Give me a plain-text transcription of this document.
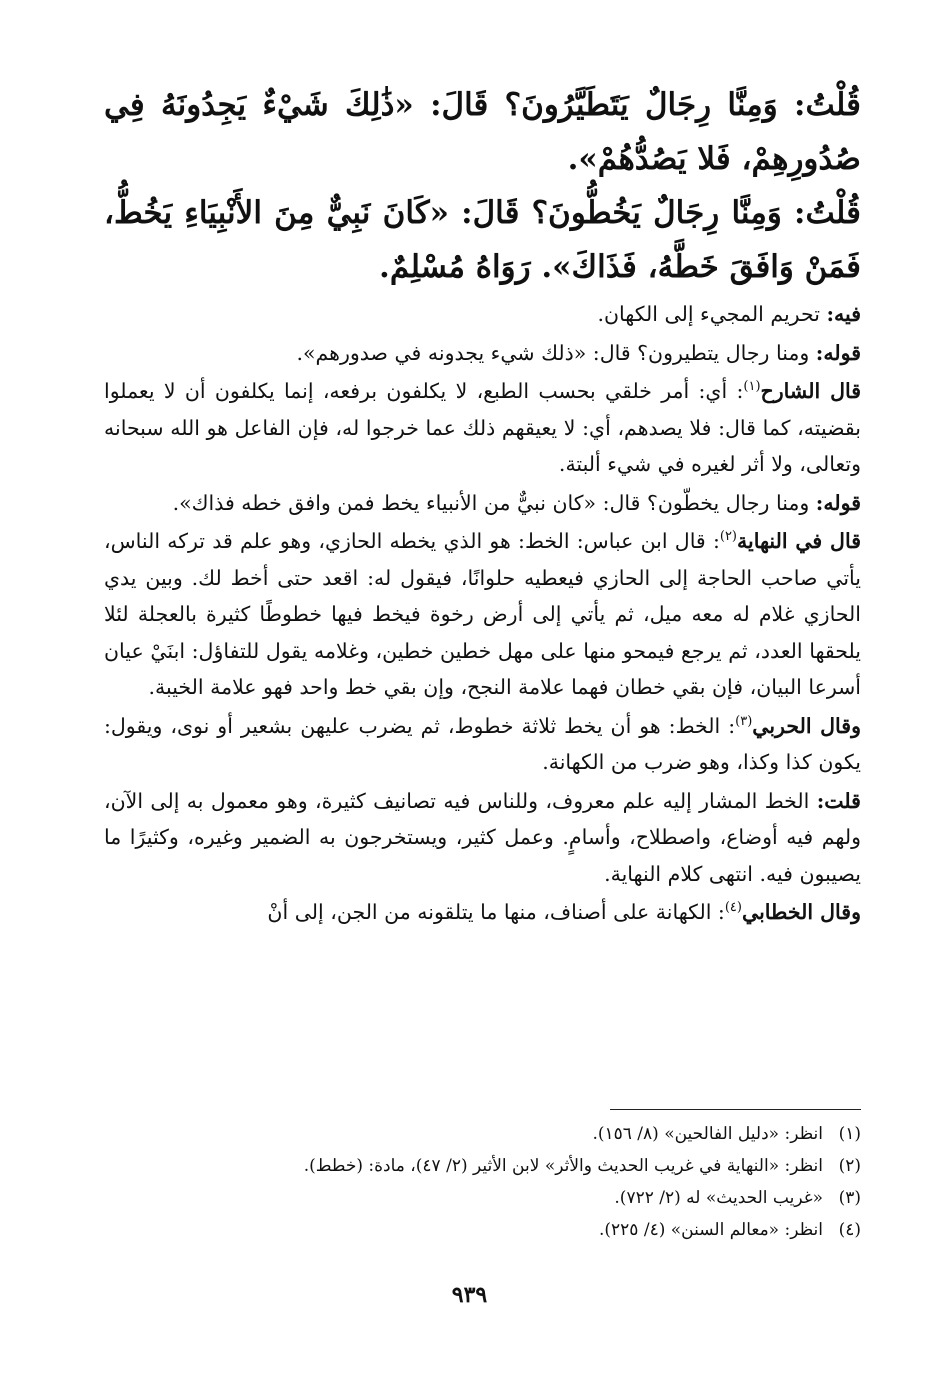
قُلْتُ: وَمِنَّا رِجَالٌ يَتَطَيَّرُونَ؟ قَالَ: «ذَٰلِكَ شَيْءٌ يَجِدُونَهُ فِي صُدُورِهِمْ، فَلا يَصُدُّهُمْ».

قُلْتُ: وَمِنَّا رِجَالٌ يَخُطُّونَ؟ قَالَ: «كَانَ نَبِيٌّ مِنَ الأَنْبِيَاءِ يَخُطُّ، فَمَنْ وَافَقَ خَطَّهُ، فَذَاكَ». رَوَاهُ مُسْلِمٌ.

فيه: تحريم المجيء إلى الكهان.

قوله: ومنا رجال يتطيرون؟ قال: «ذلك شيء يجدونه في صدورهم».

قال الشارح$^{(١)}$: أي: أمر خلقي بحسب الطبع، لا يكلفون برفعه، إنما يكلفون أن لا يعملوا بقضيته، كما قال: فلا يصدهم، أي: لا يعيقهم ذلك عما خرجوا له، فإن الفاعل هو الله سبحانه وتعالى، ولا أثر لغيره في شيء ألبتة.

قوله: ومنا رجال يخطّون؟ قال: «كان نبيٌّ من الأنبياء يخط فمن وافق خطه فذاك».

قال في النهاية$^{(٢)}$: قال ابن عباس: الخط: هو الذي يخطه الحازي، وهو علم قد تركه الناس، يأتي صاحب الحاجة إلى الحازي فيعطيه حلوانًا، فيقول له: اقعد حتى أخط لك. وبين يدي الحازي غلام له معه ميل، ثم يأتي إلى أرض رخوة فيخط فيها خطوطًا كثيرة بالعجلة لئلا يلحقها العدد، ثم يرجع فيمحو منها على مهل خطين خطين، وغلامه يقول للتفاؤل: ابنَيْ عيان أسرعا البيان، فإن بقي خطان فهما علامة النجح، وإن بقي خط واحد فهو علامة الخيبة.

وقال الحربي$^{(٣)}$: الخط: هو أن يخط ثلاثة خطوط، ثم يضرب عليهن بشعير أو نوى، ويقول: يكون كذا وكذا، وهو ضرب من الكهانة.

قلت: الخط المشار إليه علم معروف، وللناس فيه تصانيف كثيرة، وهو معمول به إلى الآن، ولهم فيه أوضاع، واصطلاح، وأسامٍ. وعمل كثير، ويستخرجون به الضمير وغيره، وكثيرًا ما يصيبون فيه. انتهى كلام النهاية.

وقال الخطابي$^{(٤)}$: الكهانة على أصناف، منها ما يتلقونه من الجن، إلى أنْ

(١)انظر: «دليل الفالحين» (٨/ ١٥٦).

(٢)انظر: «النهاية في غريب الحديث والأثر» لابن الأثير (٢/ ٤٧)، مادة: (خطط).

(٣)«غريب الحديث» له (٢/ ٧٢٢).

(٤)انظر: «معالم السنن» (٤/ ٢٢٥).

٩٣٩
